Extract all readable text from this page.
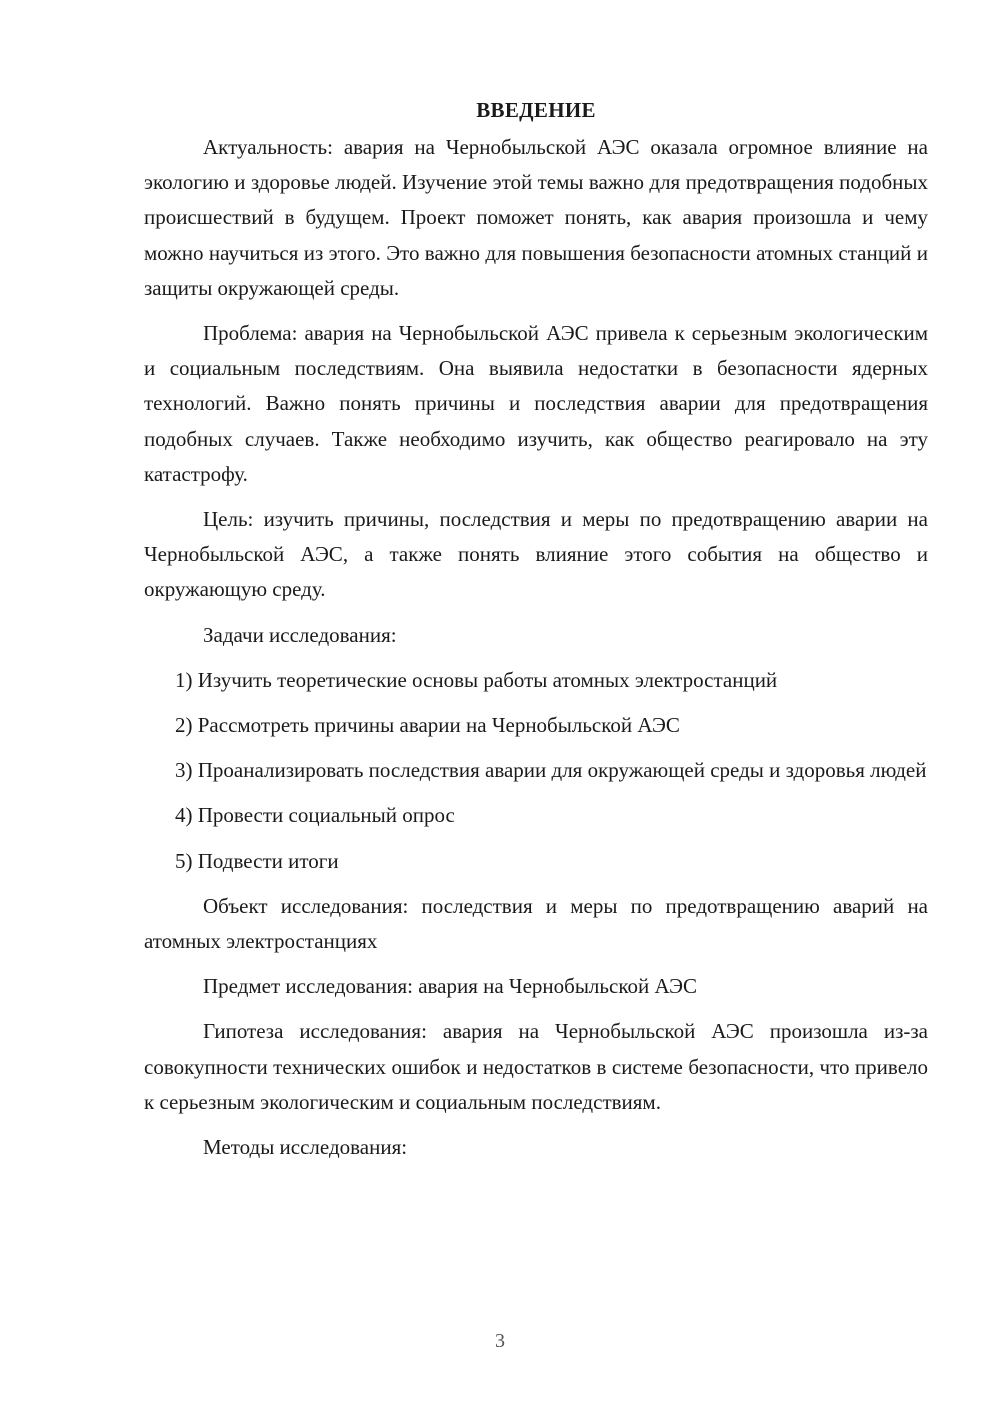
ВВЕДЕНИЕ

Актуальность: авария на Чернобыльской АЭС оказала огромное влияние на экологию и здоровье людей. Изучение этой темы важно для предотвращения подобных происшествий в будущем. Проект поможет понять, как авария произошла и чему можно научиться из этого. Это важно для повышения безопасности атомных станций и защиты окружающей среды.

Проблема: авария на Чернобыльской АЭС привела к серьезным экологическим и социальным последствиям. Она выявила недостатки в безопасности ядерных технологий. Важно понять причины и последствия аварии для предотвращения подобных случаев. Также необходимо изучить, как общество реагировало на эту катастрофу.

Цель: изучить причины, последствия и меры по предотвращению аварии на Чернобыльской АЭС, а также понять влияние этого события на общество и окружающую среду.

Задачи исследования:

1) Изучить теоретические основы работы атомных электростанций

2) Рассмотреть причины аварии на Чернобыльской АЭС

3) Проанализировать последствия аварии для окружающей среды и здоровья людей

4) Провести социальный опрос

5) Подвести итоги

Объект исследования: последствия и меры по предотвращению аварий на атомных электростанциях

Предмет исследования: авария на Чернобыльской АЭС

Гипотеза исследования: авария на Чернобыльской АЭС произошла из-за совокупности технических ошибок и недостатков в системе безопасности, что привело к серьезным экологическим и социальным последствиям.

Методы исследования:

3
